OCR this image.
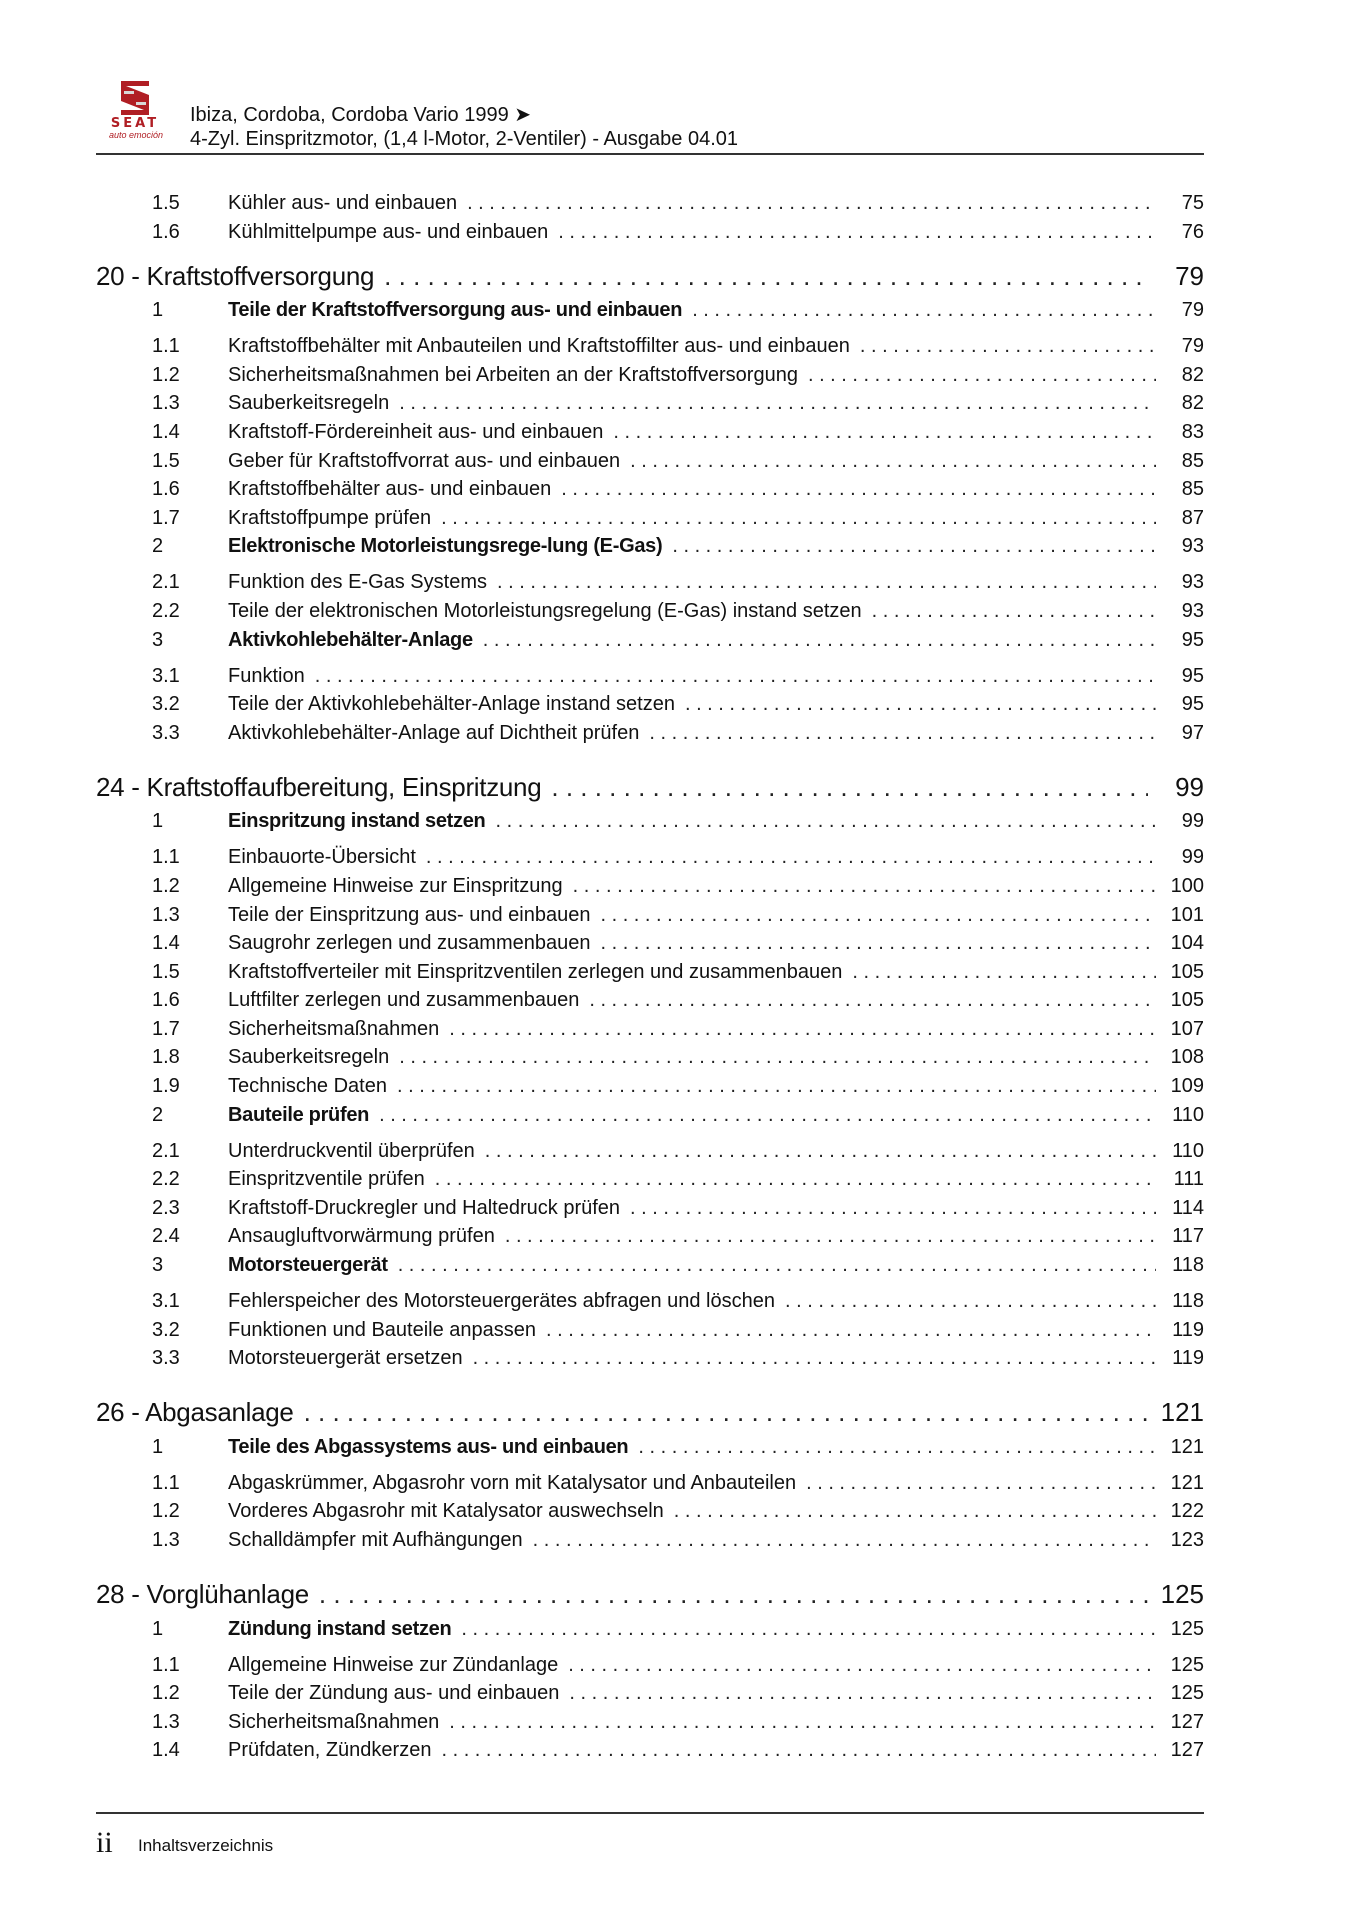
SEAT
auto emoción
Ibiza, Cordoba, Cordoba Vario 1999 ➤
4-Zyl. Einspritzmotor, (1,4 l-Motor, 2-Ventiler) - Ausgabe 04.01
1.5	Kühler aus- und einbauen . . .	75
1.6	Kühlmittelpumpe aus- und einbauen . . .	76
20 - Kraftstoffversorgung . . .	79
1	Teile der Kraftstoffversorgung aus- und einbauen . . .	79
1.1	Kraftstoffbehälter mit Anbauteilen und Kraftstoffilter aus- und einbauen . . .	79
1.2	Sicherheitsmaßnahmen bei Arbeiten an der Kraftstoffversorgung . . .	82
1.3	Sauberkeitsregeln . . .	82
1.4	Kraftstoff-Fördereinheit aus- und einbauen . . .	83
1.5	Geber für Kraftstoffvorrat aus- und einbauen . . .	85
1.6	Kraftstoffbehälter aus- und einbauen . . .	85
1.7	Kraftstoffpumpe prüfen . . .	87
2	Elektronische Motorleistungsrege-lung (E-Gas) . . .	93
2.1	Funktion des E-Gas Systems . . .	93
2.2	Teile der elektronischen Motorleistungsregelung (E-Gas) instand setzen . . .	93
3	Aktivkohlebehälter-Anlage . . .	95
3.1	Funktion . . .	95
3.2	Teile der Aktivkohlebehälter-Anlage instand setzen . . .	95
3.3	Aktivkohlebehälter-Anlage auf Dichtheit prüfen . . .	97
24 - Kraftstoffaufbereitung, Einspritzung . . .	99
1	Einspritzung instand setzen . . .	99
1.1	Einbauorte-Übersicht . . .	99
1.2	Allgemeine Hinweise zur Einspritzung . . .	100
1.3	Teile der Einspritzung aus- und einbauen . . .	101
1.4	Saugrohr zerlegen und zusammenbauen . . .	104
1.5	Kraftstoffverteiler mit Einspritzventilen zerlegen und zusammenbauen . . .	105
1.6	Luftfilter zerlegen und zusammenbauen . . .	105
1.7	Sicherheitsmaßnahmen . . .	107
1.8	Sauberkeitsregeln . . .	108
1.9	Technische Daten . . .	109
2	Bauteile prüfen . . .	110
2.1	Unterdruckventil überprüfen . . .	110
2.2	Einspritzventile prüfen . . .	111
2.3	Kraftstoff-Druckregler und Haltedruck prüfen . . .	114
2.4	Ansaugluftvorwärmung prüfen . . .	117
3	Motorsteuergerät . . .	118
3.1	Fehlerspeicher des Motorsteuergerätes abfragen und löschen . . .	118
3.2	Funktionen und Bauteile anpassen . . .	119
3.3	Motorsteuergerät ersetzen . . .	119
26 - Abgasanlage . . .	121
1	Teile des Abgassystems aus- und einbauen . . .	121
1.1	Abgaskrümmer, Abgasrohr vorn mit Katalysator und Anbauteilen . . .	121
1.2	Vorderes Abgasrohr mit Katalysator auswechseln . . .	122
1.3	Schalldämpfer mit Aufhängungen . . .	123
28 - Vorglühanlage . . .	125
1	Zündung instand setzen . . .	125
1.1	Allgemeine Hinweise zur Zündanlage . . .	125
1.2	Teile der Zündung aus- und einbauen . . .	125
1.3	Sicherheitsmaßnahmen . . .	127
1.4	Prüfdaten, Zündkerzen . . .	127
ii Inhaltsverzeichnis
